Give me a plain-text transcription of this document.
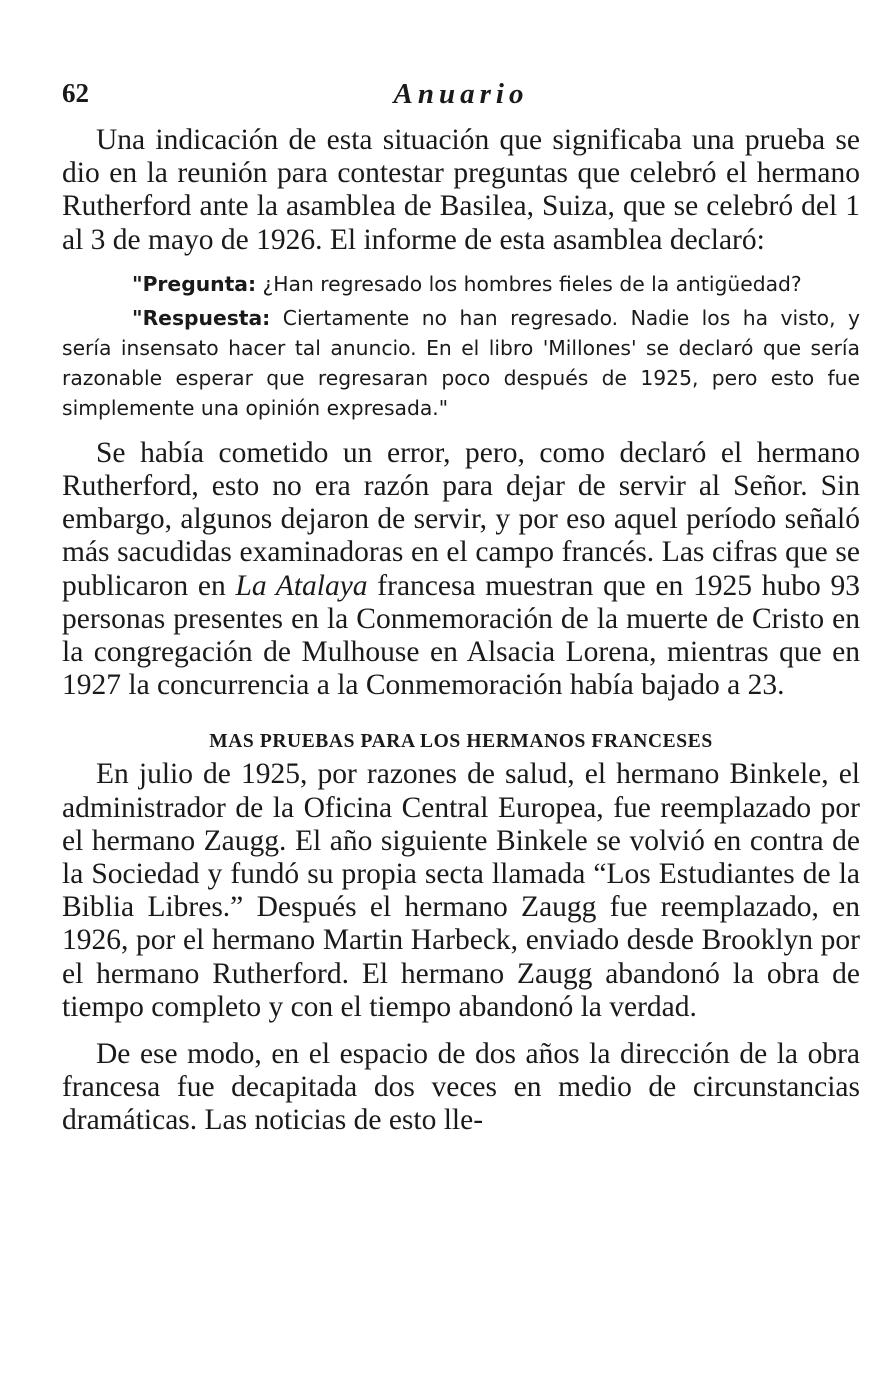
62	Anuario

Una indicación de esta situación que significaba una prueba se dio en la reunión para contestar preguntas que celebró el hermano Rutherford ante la asamblea de Basilea, Suiza, que se celebró del 1 al 3 de mayo de 1926. El informe de esta asamblea declaró:

"Pregunta: ¿Han regresado los hombres fieles de la antigüedad?

"Respuesta: Ciertamente no han regresado. Nadie los ha visto, y sería insensato hacer tal anuncio. En el libro 'Millones' se declaró que sería razonable esperar que regresaran poco después de 1925, pero esto fue simplemente una opinión expresada."

Se había cometido un error, pero, como declaró el hermano Rutherford, esto no era razón para dejar de servir al Señor. Sin embargo, algunos dejaron de servir, y por eso aquel período señaló más sacudidas examinadoras en el campo francés. Las cifras que se publicaron en La Atalaya francesa muestran que en 1925 hubo 93 personas presentes en la Conmemoración de la muerte de Cristo en la congregación de Mulhouse en Alsacia Lorena, mientras que en 1927 la concurrencia a la Conmemoración había bajado a 23.

MAS PRUEBAS PARA LOS HERMANOS FRANCESES

En julio de 1925, por razones de salud, el hermano Binkele, el administrador de la Oficina Central Europea, fue reemplazado por el hermano Zaugg. El año siguiente Binkele se volvió en contra de la Sociedad y fundó su propia secta llamada “Los Estudiantes de la Biblia Libres.” Después el hermano Zaugg fue reemplazado, en 1926, por el hermano Martin Harbeck, enviado desde Brooklyn por el hermano Rutherford. El hermano Zaugg abandonó la obra de tiempo completo y con el tiempo abandonó la verdad.

De ese modo, en el espacio de dos años la dirección de la obra francesa fue decapitada dos veces en medio de circunstancias dramáticas. Las noticias de esto lle-
